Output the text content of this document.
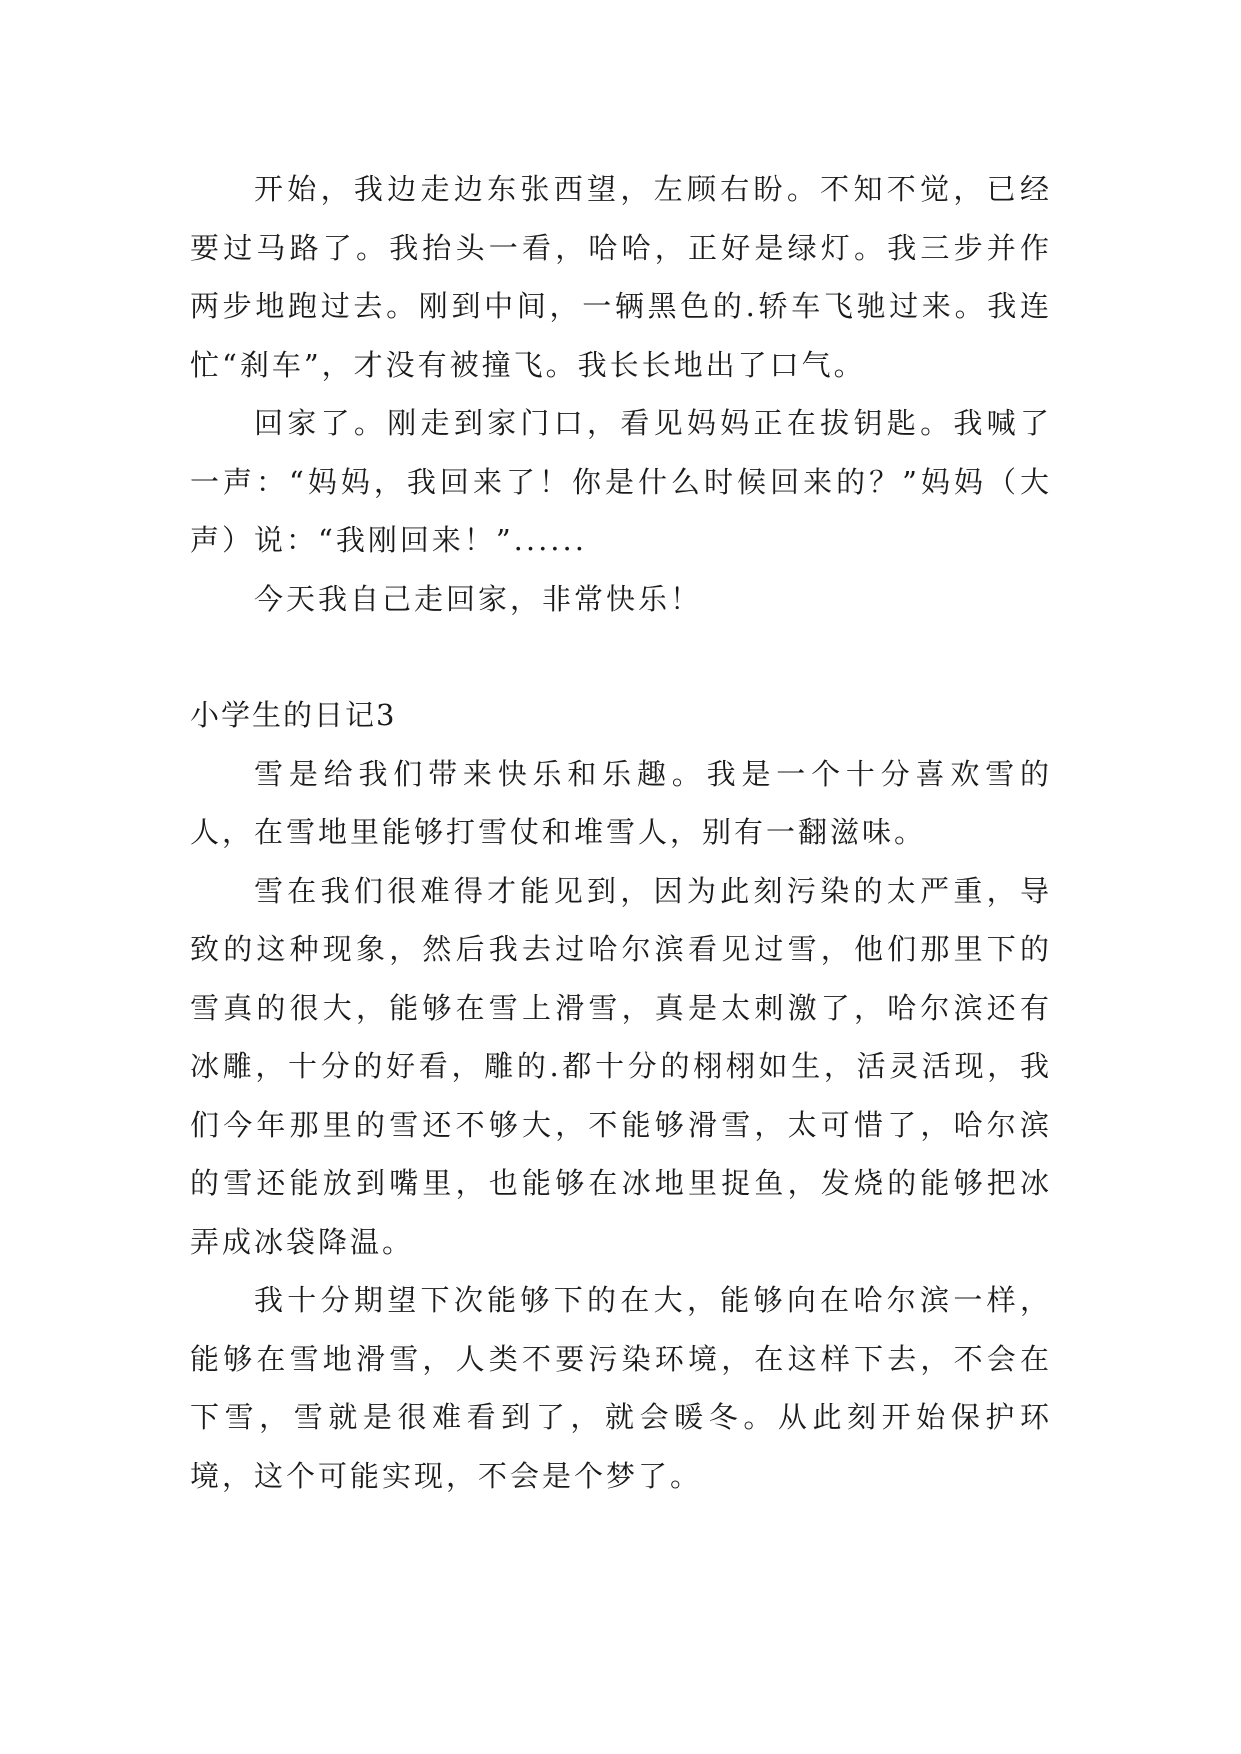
开始，我边走边东张西望，左顾右盼。不知不觉，已经要过马路了。我抬头一看，哈哈，正好是绿灯。我三步并作两步地跑过去。刚到中间，一辆黑色的.轿车飞驰过来。我连忙“刹车”，才没有被撞飞。我长长地出了口气。

回家了。刚走到家门口，看见妈妈正在拔钥匙。我喊了一声：“妈妈，我回来了！你是什么时候回来的？”妈妈（大声）说：“我刚回来！”......

今天我自己走回家，非常快乐！

小学生的日记3

雪是给我们带来快乐和乐趣。我是一个十分喜欢雪的人，在雪地里能够打雪仗和堆雪人，别有一翻滋味。

雪在我们很难得才能见到，因为此刻污染的太严重，导致的这种现象，然后我去过哈尔滨看见过雪，他们那里下的雪真的很大，能够在雪上滑雪，真是太刺激了，哈尔滨还有冰雕，十分的好看，雕的.都十分的栩栩如生，活灵活现，我们今年那里的雪还不够大，不能够滑雪，太可惜了，哈尔滨的雪还能放到嘴里，也能够在冰地里捉鱼，发烧的能够把冰弄成冰袋降温。

我十分期望下次能够下的在大，能够向在哈尔滨一样，能够在雪地滑雪，人类不要污染环境，在这样下去，不会在下雪，雪就是很难看到了，就会暖冬。从此刻开始保护环境，这个可能实现，不会是个梦了。
